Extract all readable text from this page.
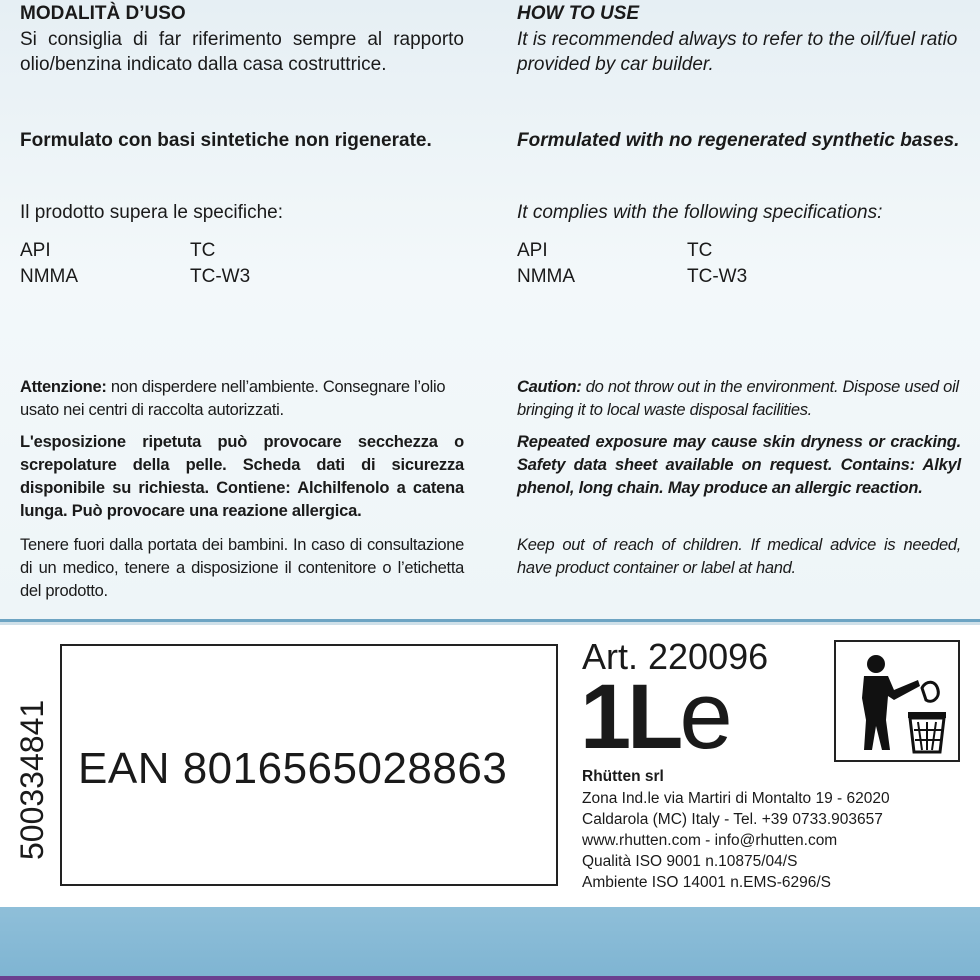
MODALITÀ D’USO
Si consiglia di far riferimento sempre al rapporto olio/benzina indicato dalla casa costruttrice.
Formulato con basi sintetiche non rigenerate.
Il prodotto supera le specifiche:
API	TC
NMMA	TC-W3
Attenzione: non disperdere nell’ambiente. Consegnare l’olio usato nei centri di raccolta autorizzati.
L'esposizione ripetuta può provocare secchezza o screpolature della pelle. Scheda dati di sicurezza disponibile su richiesta. Contiene: Alchilfenolo a catena lunga. Può provocare una reazione allergica.
Tenere fuori dalla portata dei bambini. In caso di consultazione di un medico, tenere a disposizione il contenitore o l’etichetta del prodotto.
HOW TO USE
It is recommended always to refer to the oil/fuel ratio provided by car builder.
Formulated with no regenerated synthetic bases.
It complies with the following specifications:
API	TC
NMMA	TC-W3
Caution: do not throw out in the environment. Dispose used oil bringing it to local waste disposal facilities.
Repeated exposure may cause skin dryness or cracking. Safety data sheet available on request. Contains: Alkyl phenol, long chain. May produce an allergic reaction.
Keep out of reach of children. If medical advice is needed, have product container or label at hand.
500334841 EAN 8016565028863
Art. 220096
1Le
Rhütten srl
Zona Ind.le via Martiri di Montalto 19 - 62020
Caldarola (MC) Italy - Tel. +39 0733.903657
www.rhutten.com - info@rhutten.com
Qualità ISO 9001 n.10875/04/S
Ambiente ISO 14001 n.EMS-6296/S
